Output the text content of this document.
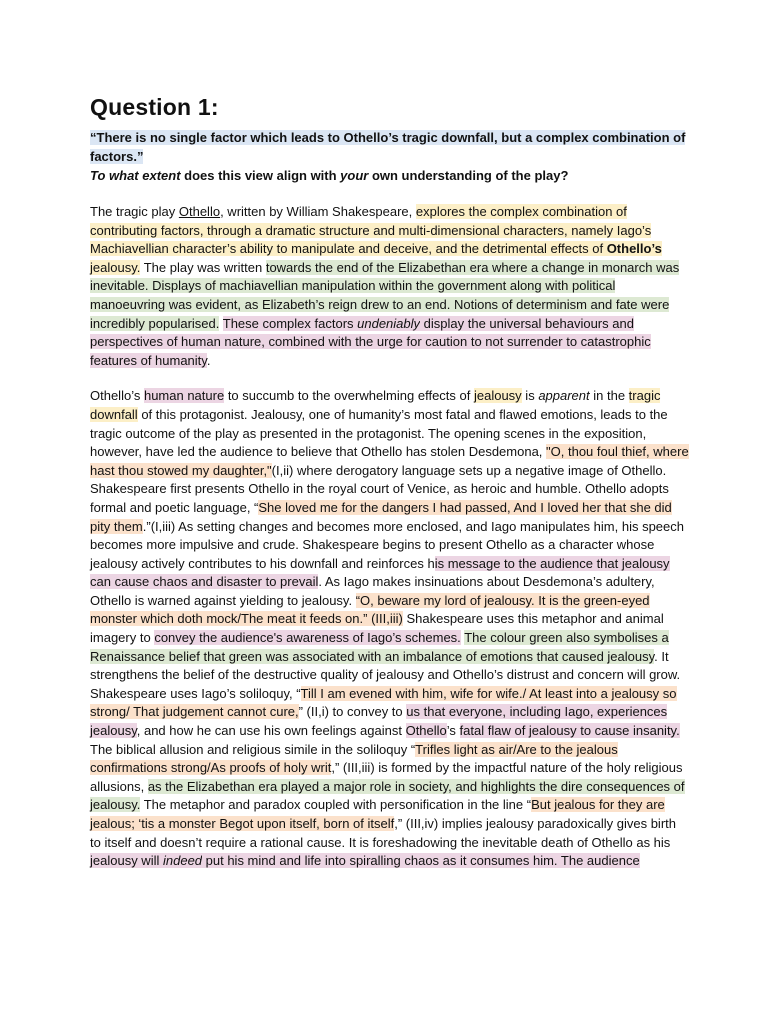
Question 1:

“There is no single factor which leads to Othello’s tragic downfall, but a complex combination of factors.”
To what extent does this view align with your own understanding of the play?

The tragic play Othello, written by William Shakespeare, explores the complex combination of contributing factors, through a dramatic structure and multi-dimensional characters, namely Iago’s Machiavellian character’s ability to manipulate and deceive, and the detrimental effects of Othello’s jealousy. The play was written towards the end of the Elizabethan era where a change in monarch was inevitable. Displays of machiavellian manipulation within the government along with political manoeuvring was evident, as Elizabeth’s reign drew to an end. Notions of determinism and fate were incredibly popularised. These complex factors undeniably display the universal behaviours and perspectives of human nature, combined with the urge for caution to not surrender to catastrophic features of humanity.

Othello’s human nature to succumb to the overwhelming effects of jealousy is apparent in the tragic downfall of this protagonist. Jealousy, one of humanity’s most fatal and flawed emotions, leads to the tragic outcome of the play as presented in the protagonist. The opening scenes in the exposition, however, have led the audience to believe that Othello has stolen Desdemona, "O, thou foul thief, where hast thou stowed my daughter,"(I,ii) where derogatory language sets up a negative image of Othello. Shakespeare first presents Othello in the royal court of Venice, as heroic and humble. Othello adopts formal and poetic language, “She loved me for the dangers I had passed, And I loved her that she did pity them.”(I,iii) As setting changes and becomes more enclosed, and Iago manipulates him, his speech becomes more impulsive and crude. Shakespeare begins to present Othello as a character whose jealousy actively contributes to his downfall and reinforces his message to the audience that jealousy can cause chaos and disaster to prevail. As Iago makes insinuations about Desdemona’s adultery, Othello is warned against yielding to jealousy. “O, beware my lord of jealousy. It is the green-eyed monster which doth mock/The meat it feeds on.” (III,iii) Shakespeare uses this metaphor and animal imagery to convey the audience's awareness of Iago’s schemes. The colour green also symbolises a Renaissance belief that green was associated with an imbalance of emotions that caused jealousy. It strengthens the belief of the destructive quality of jealousy and Othello’s distrust and concern will grow. Shakespeare uses Iago’s soliloquy, “Till I am evened with him, wife for wife./ At least into a jealousy so strong/ That judgement cannot cure,” (II,i) to convey to us that everyone, including Iago, experiences jealousy, and how he can use his own feelings against Othello’s fatal flaw of jealousy to cause insanity. The biblical allusion and religious simile in the soliloquy “Trifles light as air/Are to the jealous confirmations strong/As proofs of holy writ,” (III,iii) is formed by the impactful nature of the holy religious allusions, as the Elizabethan era played a major role in society, and highlights the dire consequences of jealousy. The metaphor and paradox coupled with personification in the line “But jealous for they are jealous; ‘tis a monster Begot upon itself, born of itself,” (III,iv) implies jealousy paradoxically gives birth to itself and doesn’t require a rational cause. It is foreshadowing the inevitable death of Othello as his jealousy will indeed put his mind and life into spiralling chaos as it consumes him. The audience
